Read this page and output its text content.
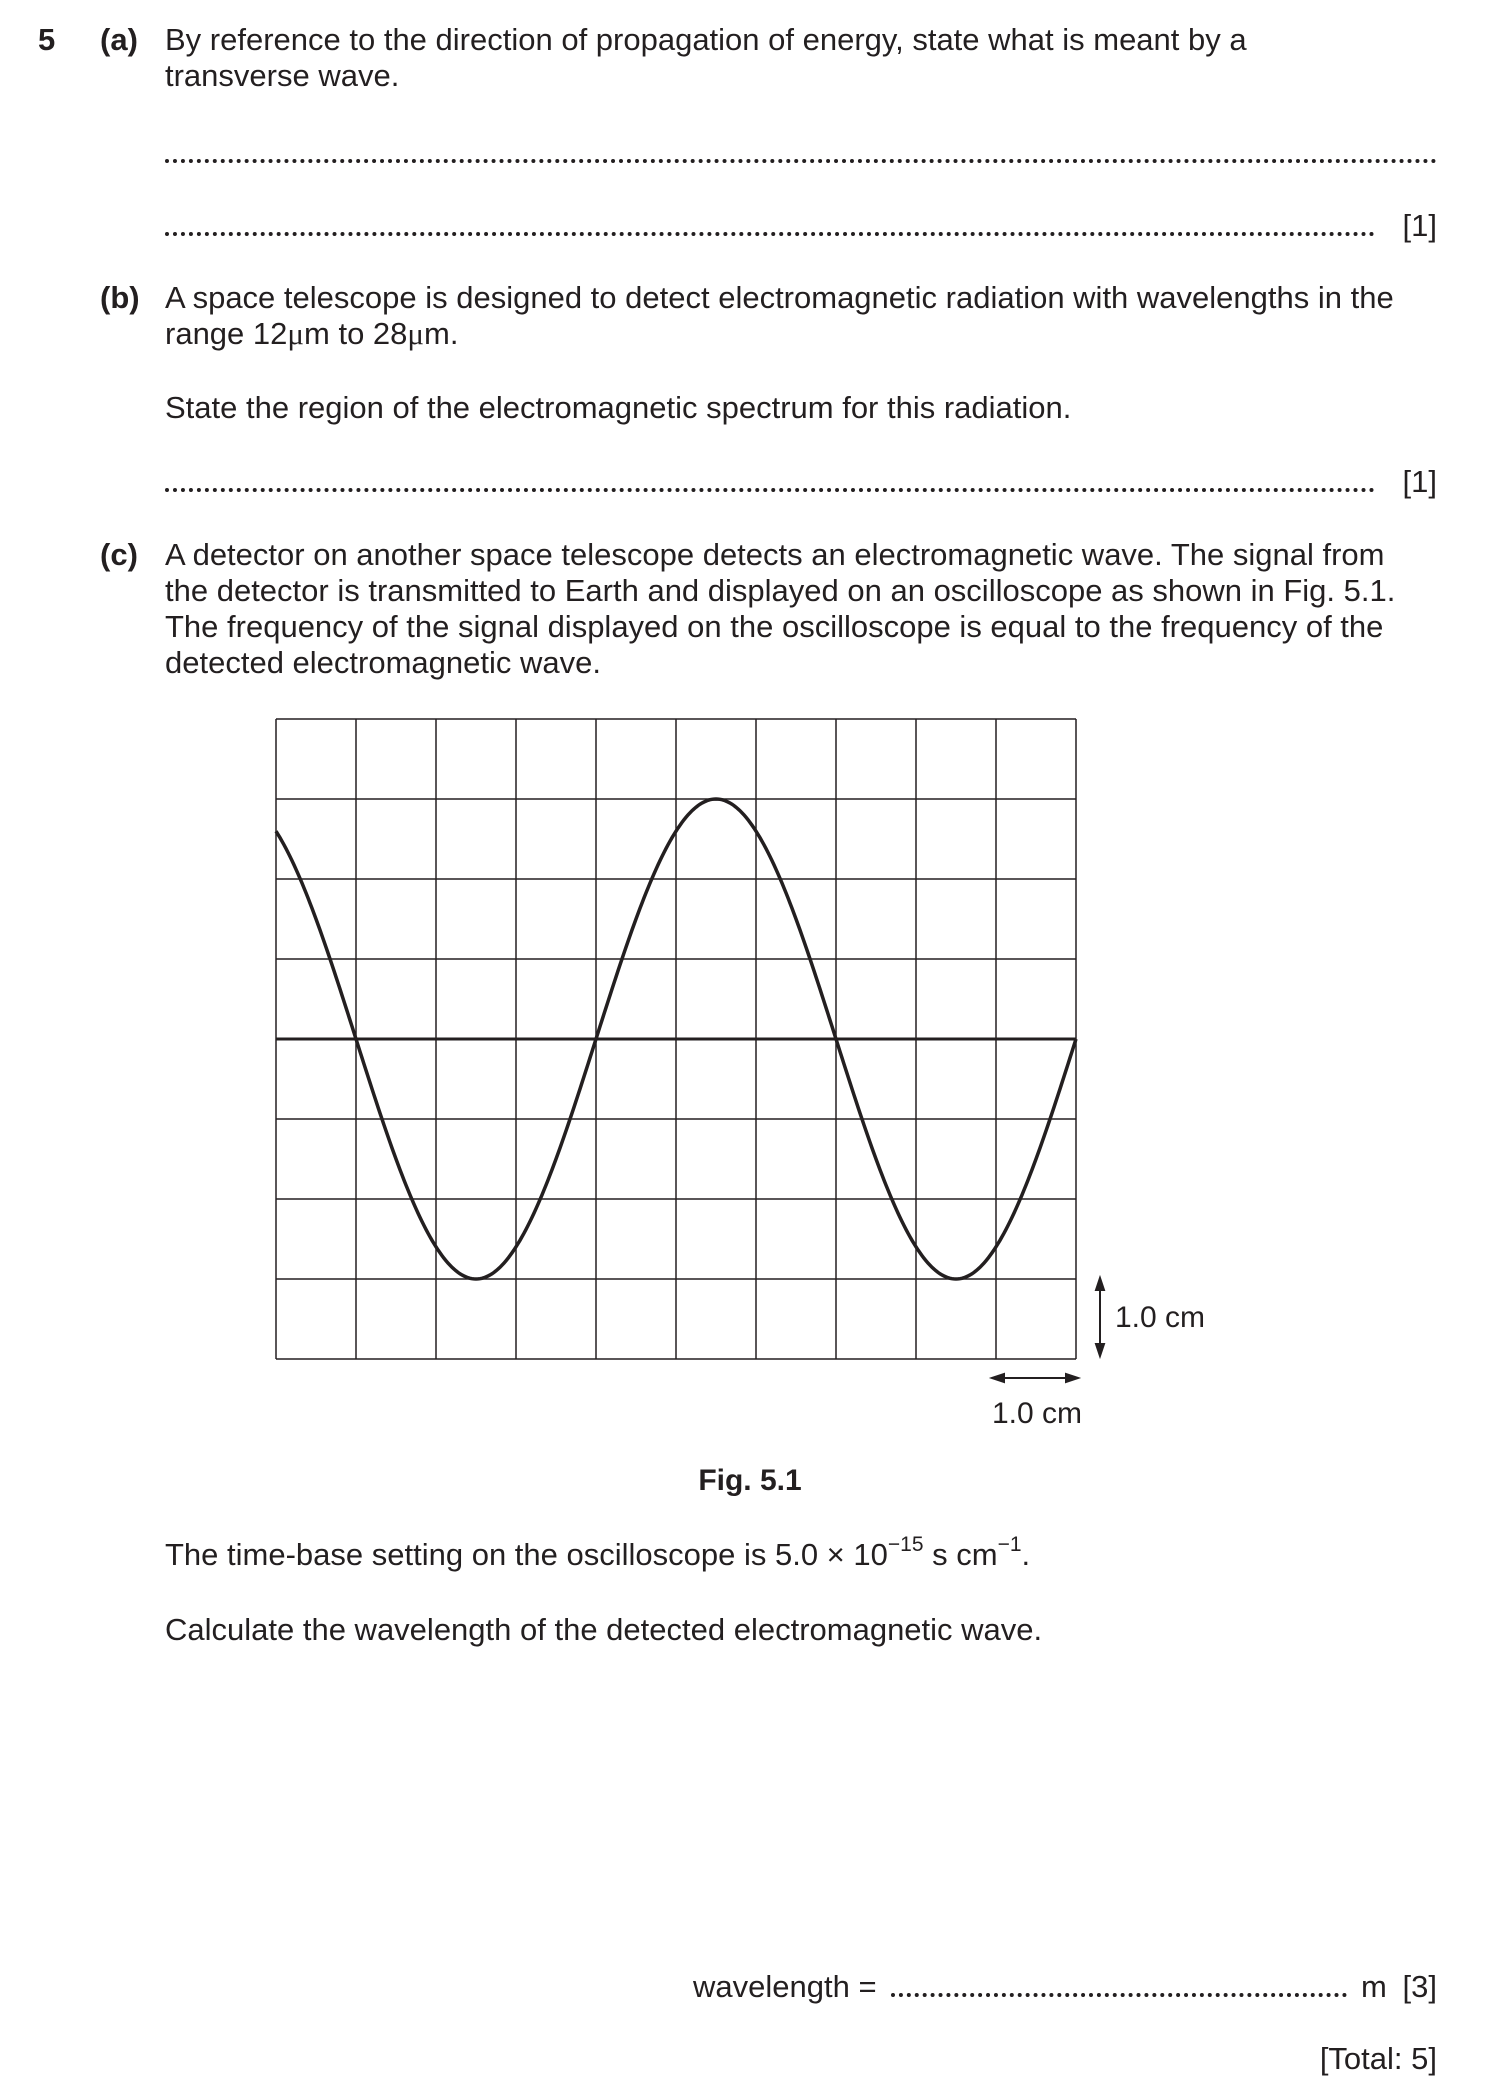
5 (a) By reference to the direction of propagation of energy, state what is meant by a
transverse wave.
[1]
(b) A space telescope is designed to detect electromagnetic radiation with wavelengths in the
range 12μm to 28μm.
State the region of the electromagnetic spectrum for this radiation.
[1]
(c) A detector on another space telescope detects an electromagnetic wave. The signal from
the detector is transmitted to Earth and displayed on an oscilloscope as shown in Fig. 5.1.
The frequency of the signal displayed on the oscilloscope is equal to the frequency of the
detected electromagnetic wave.
1.0 cm
1.0 cm
Fig. 5.1
The time-base setting on the oscilloscope is $5.0 \times 10^{-15}$ s $cm^{-1}$.
Calculate the wavelength of the detected electromagnetic wave.
wavelength =	m [3]
[Total: 5]
